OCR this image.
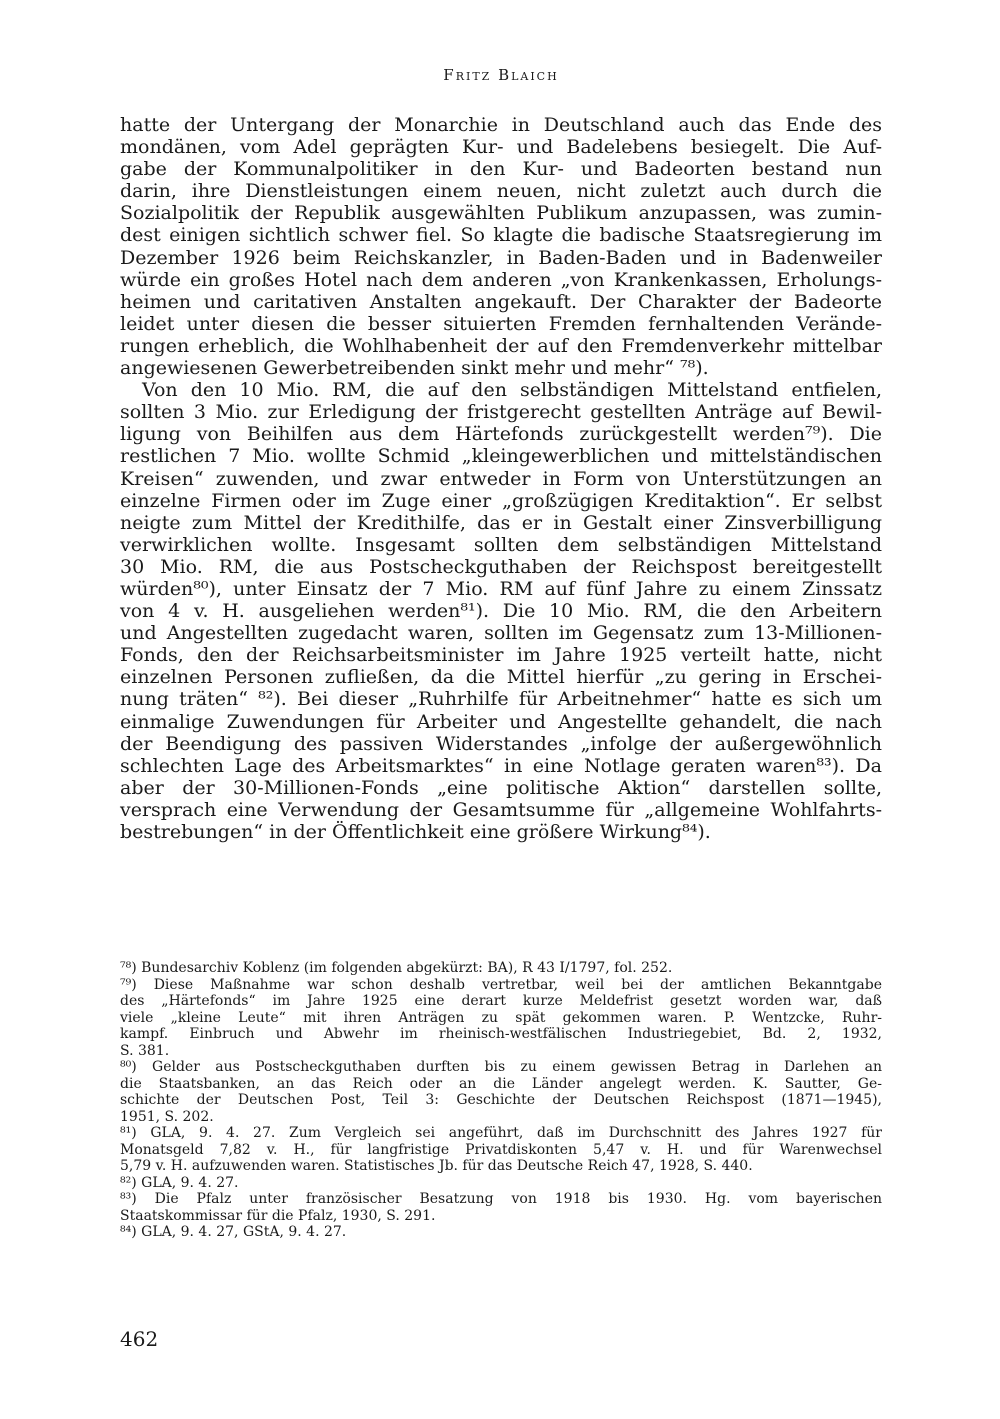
Fritz Blaich
hatte der Untergang der Monarchie in Deutschland auch das Ende des
mondänen, vom Adel geprägten Kur- und Badelebens besiegelt. Die Auf-
gabe der Kommunalpolitiker in den Kur- und Badeorten bestand nun
darin, ihre Dienstleistungen einem neuen, nicht zuletzt auch durch die
Sozialpolitik der Republik ausgewählten Publikum anzupassen, was zumin-
dest einigen sichtlich schwer fiel. So klagte die badische Staatsregierung im
Dezember 1926 beim Reichskanzler, in Baden-Baden und in Badenweiler
würde ein großes Hotel nach dem anderen „von Krankenkassen, Erholungs-
heimen und caritativen Anstalten angekauft. Der Charakter der Badeorte
leidet unter diesen die besser situierten Fremden fernhaltenden Verände-
rungen erheblich, die Wohlhabenheit der auf den Fremdenverkehr mittelbar
angewiesenen Gewerbetreibenden sinkt mehr und mehr“ ⁷⁸).
Von den 10 Mio. RM, die auf den selbständigen Mittelstand entfielen,
sollten 3 Mio. zur Erledigung der fristgerecht gestellten Anträge auf Bewil-
ligung von Beihilfen aus dem Härtefonds zurückgestellt werden⁷⁹). Die
restlichen 7 Mio. wollte Schmid „kleingewerblichen und mittelständischen
Kreisen“ zuwenden, und zwar entweder in Form von Unterstützungen an
einzelne Firmen oder im Zuge einer „großzügigen Kreditaktion“. Er selbst
neigte zum Mittel der Kredithilfe, das er in Gestalt einer Zinsverbilligung
verwirklichen wollte. Insgesamt sollten dem selbständigen Mittelstand
30 Mio. RM, die aus Postscheckguthaben der Reichspost bereitgestellt
würden⁸⁰), unter Einsatz der 7 Mio. RM auf fünf Jahre zu einem Zinssatz
von 4 v. H. ausgeliehen werden⁸¹). Die 10 Mio. RM, die den Arbeitern
und Angestellten zugedacht waren, sollten im Gegensatz zum 13-Millionen-
Fonds, den der Reichsarbeitsminister im Jahre 1925 verteilt hatte, nicht
einzelnen Personen zufließen, da die Mittel hierfür „zu gering in Erschei-
nung träten“ ⁸²). Bei dieser „Ruhrhilfe für Arbeitnehmer“ hatte es sich um
einmalige Zuwendungen für Arbeiter und Angestellte gehandelt, die nach
der Beendigung des passiven Widerstandes „infolge der außergewöhnlich
schlechten Lage des Arbeitsmarktes“ in eine Notlage geraten waren⁸³). Da
aber der 30-Millionen-Fonds „eine politische Aktion“ darstellen sollte,
versprach eine Verwendung der Gesamtsumme für „allgemeine Wohlfahrts-
bestrebungen“ in der Öffentlichkeit eine größere Wirkung⁸⁴).
⁷⁸) Bundesarchiv Koblenz (im folgenden abgekürzt: BA), R 43 I/1797, fol. 252.
⁷⁹) Diese Maßnahme war schon deshalb vertretbar, weil bei der amtlichen Bekanntgabe
des „Härtefonds“ im Jahre 1925 eine derart kurze Meldefrist gesetzt worden war, daß
viele „kleine Leute“ mit ihren Anträgen zu spät gekommen waren. P. Wentzcke, Ruhr-
kampf. Einbruch und Abwehr im rheinisch-westfälischen Industriegebiet, Bd. 2, 1932,
S. 381.
⁸⁰) Gelder aus Postscheckguthaben durften bis zu einem gewissen Betrag in Darlehen an
die Staatsbanken, an das Reich oder an die Länder angelegt werden. K. Sautter, Ge-
schichte der Deutschen Post, Teil 3: Geschichte der Deutschen Reichspost (1871—1945),
1951, S. 202.
⁸¹) GLA, 9. 4. 27. Zum Vergleich sei angeführt, daß im Durchschnitt des Jahres 1927 für
Monatsgeld 7,82 v. H., für langfristige Privatdiskonten 5,47 v. H. und für Warenwechsel
5,79 v. H. aufzuwenden waren. Statistisches Jb. für das Deutsche Reich 47, 1928, S. 440.
⁸²) GLA, 9. 4. 27.
⁸³) Die Pfalz unter französischer Besatzung von 1918 bis 1930. Hg. vom bayerischen
Staatskommissar für die Pfalz, 1930, S. 291.
⁸⁴) GLA, 9. 4. 27, GStA, 9. 4. 27.
462
